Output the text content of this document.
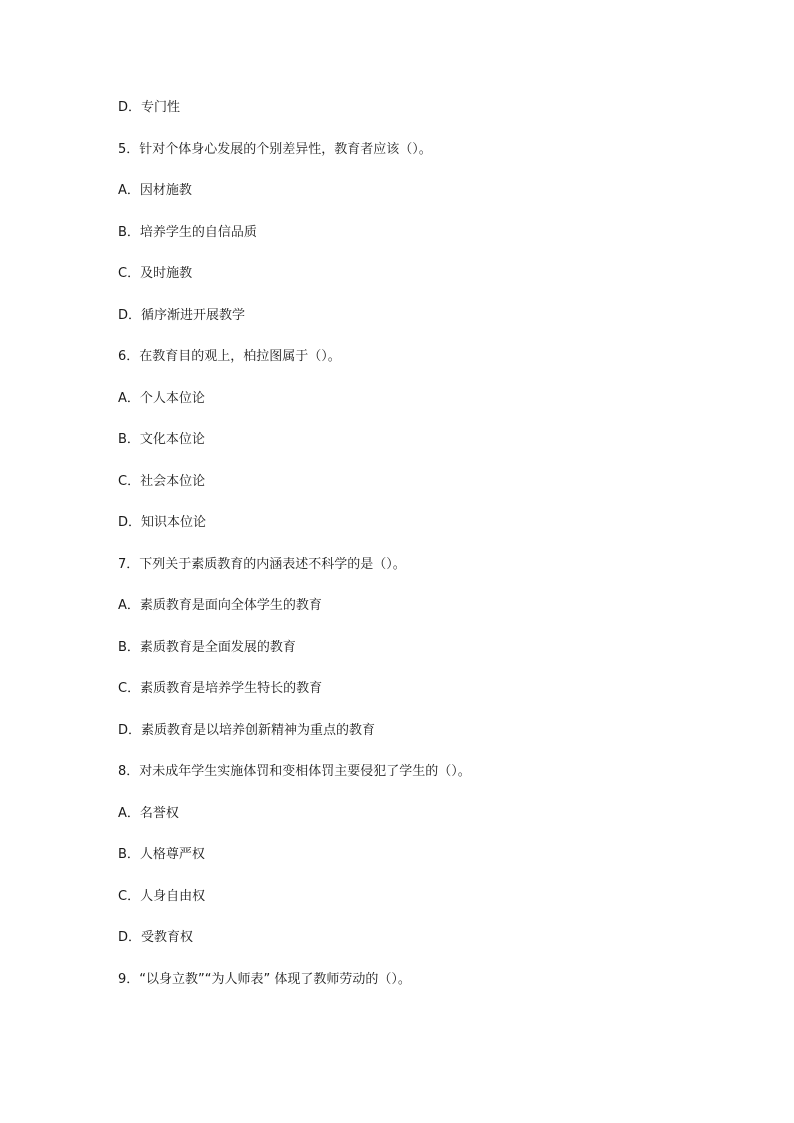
D．专门性
5．针对个体身心发展的个别差异性，教育者应该（）。
A．因材施教
B．培养学生的自信品质
C．及时施教
D．循序渐进开展教学
6．在教育目的观上，柏拉图属于（）。
A．个人本位论
B．文化本位论
C．社会本位论
D．知识本位论
7．下列关于素质教育的内涵表述不科学的是（）。
A．素质教育是面向全体学生的教育
B．素质教育是全面发展的教育
C．素质教育是培养学生特长的教育
D．素质教育是以培养创新精神为重点的教育
8．对未成年学生实施体罚和变相体罚主要侵犯了学生的（）。
A．名誉权
B．人格尊严权
C．人身自由权
D．受教育权
9．“以身立教”“为人师表” 体现了教师劳动的（）。
